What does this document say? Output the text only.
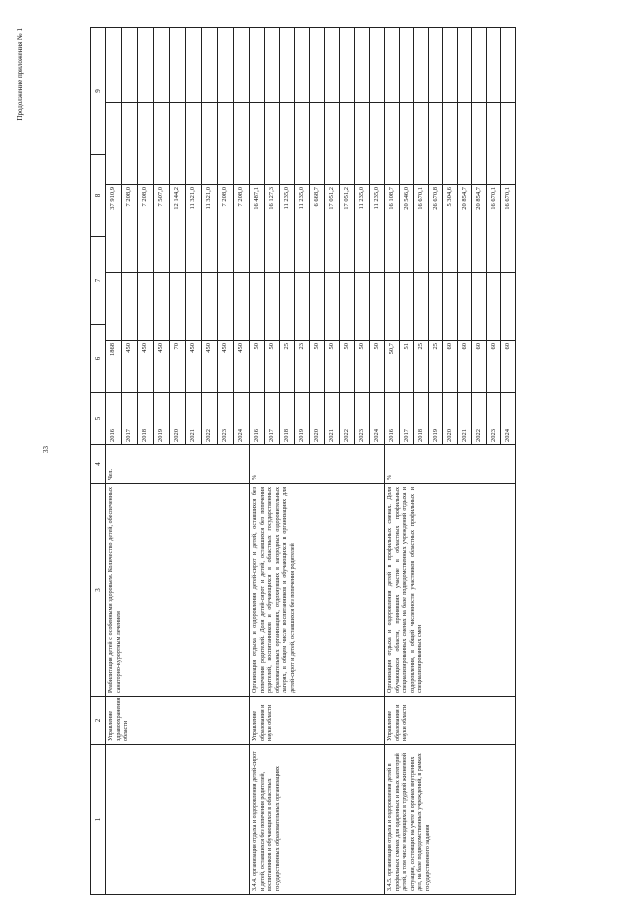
33
Продолжение приложения № 1
1
2
3
4
5
6
7
8
9
Управление здравоохранения области
Реабилитация детей с особенными здоровьем. Количество детей, обеспеченных санаторно-курортным лечением
Чел.
2016
1868
37 910,9
2017
450
7 208,0
2018
450
7 208,0
2019
450
7 507,0
2020
70
12 144,2
2021
450
11 321,0
2022
450
11 321,0
2023
450
7 208,0
2024
450
7 208,0
3.4.4. организация отдыха и оздоровления детей-сирот и детей, оставшихся без попечения родителей, воспитанников и обучающихся в областных государственных образовательных организациях
Управление образования и науки области
Организация отдыха и оздоровления детей-сирот и детей, оставшихся без попечения родителей. Доля детей-сирот и детей, оставшихся без попечения родителей, воспитанников и обучающихся в областных государственных образовательных организациях, отдохнувших в загородных оздоровительных лагерях, в общем числе воспитанников и обучающихся в организациях для детей-сирот и детей, оставшихся без попечения родителей
%
2016
50
16 487,1
2017
50
16 127,3
2018
25
11 235,0
2019
23
11 235,0
2020
50
6 668,7
2021
50
17 051,2
2022
50
17 051,2
2023
50
11 235,0
2024
50
11 235,0
3.4.5. организация отдыха и оздоровления детей в профильных сменах для одаренных и иных категорий детей, в том числе находящихся в трудной жизненной ситуации, состоящих на учете в органах внутренних дел, на базе подведомственных учреждений, в рамках государственного задания
Управление образования и науки области
Организация отдыха и оздоровления детей в профильных сменах. Доля обучающихся области, принявших участие в областных профильных специализированных сменах на базе подведомственных учреждений отдыха и оздоровления, в общей численности участников областных профильных и специализированных смен
%
2016
50,7
16 108,7
2017
51
20 546,0
2018
25
16 670,1
2019
25
26 670,8
2020
60
5 304,6
2021
60
20 854,7
2022
60
20 854,7
2023
60
16 670,1
2024
60
16 670,1
